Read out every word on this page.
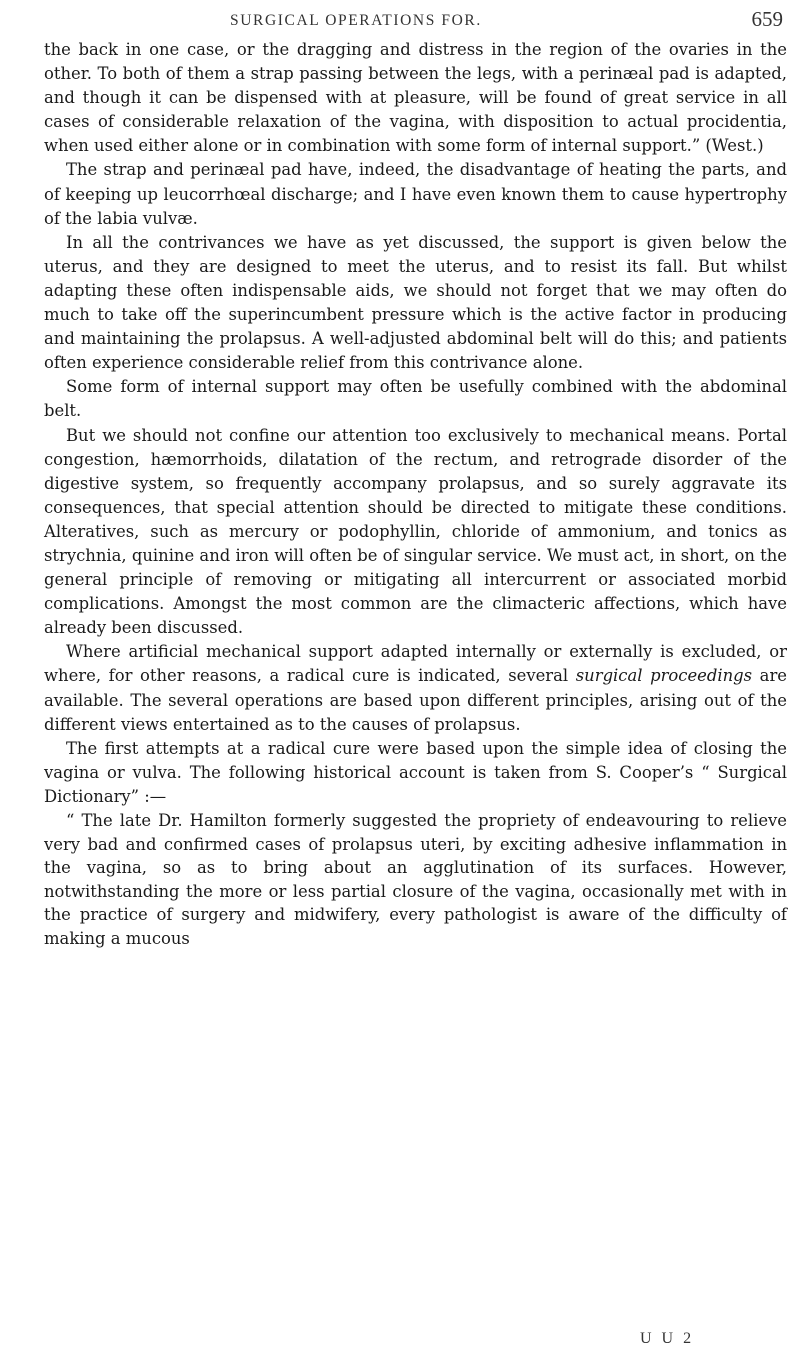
SURGICAL OPERATIONS FOR.	659

the back in one case, or the dragging and distress in the region of the ovaries in the other. To both of them a strap passing between the legs, with a perinæal pad is adapted, and though it can be dispensed with at pleasure, will be found of great service in all cases of considerable relaxation of the vagina, with disposition to actual procidentia, when used either alone or in combination with some form of internal support.” (West.)

The strap and perinæal pad have, indeed, the disadvantage of heating the parts, and of keeping up leucorrhœal discharge; and I have even known them to cause hypertrophy of the labia vulvæ.

In all the contrivances we have as yet discussed, the support is given below the uterus, and they are designed to meet the uterus, and to resist its fall. But whilst adapting these often indispensable aids, we should not forget that we may often do much to take off the superincumbent pressure which is the active factor in producing and maintaining the prolapsus. A well-adjusted abdominal belt will do this; and patients often experience considerable relief from this contrivance alone.

Some form of internal support may often be usefully combined with the abdominal belt.

But we should not confine our attention too exclusively to mechanical means. Portal congestion, hæmorrhoids, dilatation of the rectum, and retrograde disorder of the digestive system, so frequently accompany prolapsus, and so surely aggravate its consequences, that special attention should be directed to mitigate these conditions. Alteratives, such as mercury or podophyllin, chloride of ammonium, and tonics as strychnia, quinine and iron will often be of singular service. We must act, in short, on the general principle of removing or mitigating all intercurrent or associated morbid complications. Amongst the most common are the climacteric affections, which have already been discussed.

Where artificial mechanical support adapted internally or externally is excluded, or where, for other reasons, a radical cure is indicated, several surgical proceedings are available. The several operations are based upon different principles, arising out of the different views entertained as to the causes of prolapsus.

The first attempts at a radical cure were based upon the simple idea of closing the vagina or vulva. The following historical account is taken from S. Cooper’s “ Surgical Dictionary” :—

“ The late Dr. Hamilton formerly suggested the propriety of endeavouring to relieve very bad and confirmed cases of prolapsus uteri, by exciting adhesive inflammation in the vagina, so as to bring about an agglutination of its surfaces. However, notwithstanding the more or less partial closure of the vagina, occasionally met with in the practice of surgery and midwifery, every pathologist is aware of the difficulty of making a mucous

U U 2
